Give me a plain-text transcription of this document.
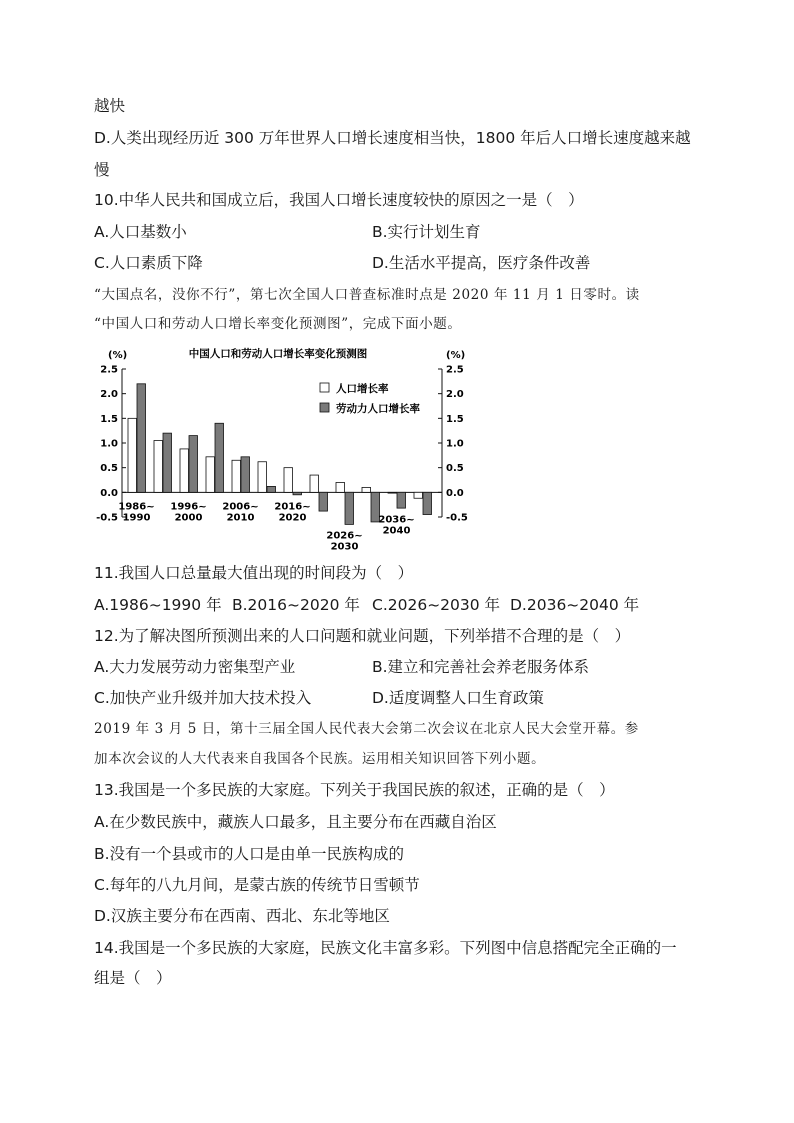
越快
D.人类出现经历近 300 万年世界人口增长速度相当快，1800 年后人口增长速度越来越
慢
10.中华人民共和国成立后，我国人口增长速度较快的原因之一是（　）
A.人口基数小	B.实行计划生育
C.人口素质下降	D.生活水平提高，医疗条件改善
“大国点名，没你不行”，第七次全国人口普查标准时点是 2020 年 11 月 1 日零时。读
“中国人口和劳动人口增长率变化预测图”，完成下面小题。
中国人口和劳动人口增长率变化预测图
(%)	(%)
2.5
2.0
1.5
1.0
0.5
0.0
-0.5
2.5
2.0
1.5
1.0
0.5
0.0
-0.5
1986~
1990
1996~
2000
2006~
2010
2016~
2020
2026~
2030
2036~
2040
人口增长率
劳动力人口增长率
11.我国人口总量最大值出现的时间段为（　）
A.1986~1990 年 B.2016~2020 年 C.2026~2030 年 D.2036~2040 年
12.为了解决图所预测出来的人口问题和就业问题，下列举措不合理的是（　）
A.大力发展劳动力密集型产业	B.建立和完善社会养老服务体系
C.加快产业升级并加大技术投入	D.适度调整人口生育政策
2019 年 3 月 5 日，第十三届全国人民代表大会第二次会议在北京人民大会堂开幕。参
加本次会议的人大代表来自我国各个民族。运用相关知识回答下列小题。
13.我国是一个多民族的大家庭。下列关于我国民族的叙述，正确的是（　）
A.在少数民族中，藏族人口最多，且主要分布在西藏自治区
B.没有一个县或市的人口是由单一民族构成的
C.每年的八九月间，是蒙古族的传统节日雪顿节
D.汉族主要分布在西南、西北、东北等地区
14.我国是一个多民族的大家庭，民族文化丰富多彩。下列图中信息搭配完全正确的一
组是（　）
